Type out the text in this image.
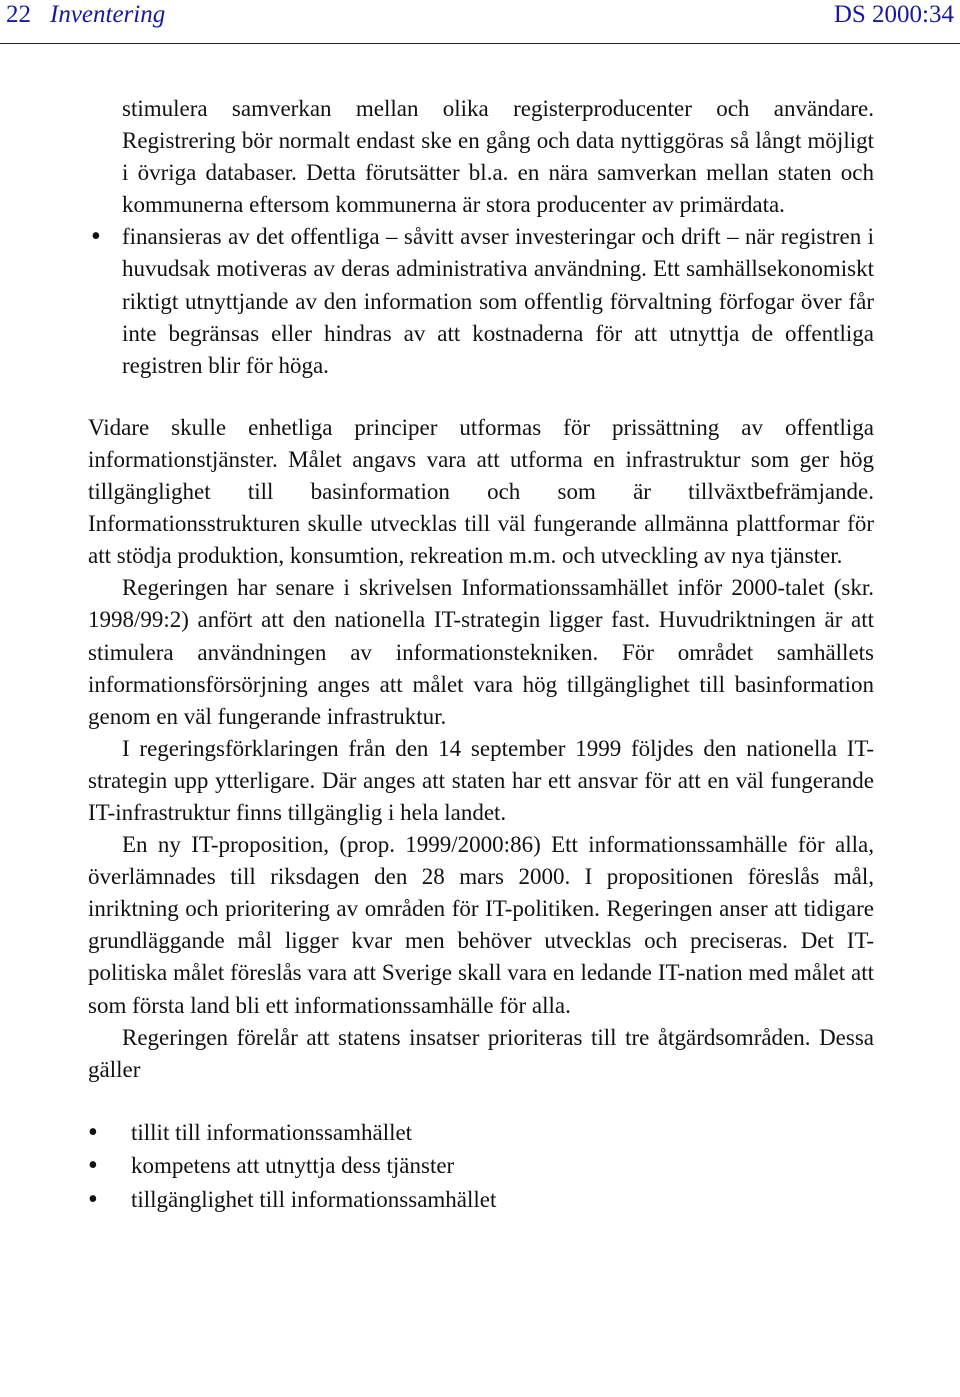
22 Inventering	DS 2000:34

stimulera samverkan mellan olika registerproducenter och användare. Registrering bör normalt endast ske en gång och data nyttiggöras så långt möjligt i övriga databaser. Detta förutsätter bl.a. en nära samverkan mellan staten och kommunerna eftersom kommunerna är stora producenter av primärdata.

•

finansieras av det offentliga – såvitt avser investeringar och drift – när registren i huvudsak motiveras av deras administrativa användning. Ett samhällsekonomiskt riktigt utnyttjande av den information som offentlig förvaltning förfogar över får inte begränsas eller hindras av att kostnaderna för att utnyttja de offentliga registren blir för höga.

Vidare skulle enhetliga principer utformas för prissättning av offentliga informationstjänster. Målet angavs vara att utforma en infrastruktur som ger hög tillgänglighet till basinformation och som är tillväxtbefrämjande. Informationsstrukturen skulle utvecklas till väl fungerande allmänna plattformar för att stödja produktion, konsumtion, rekreation m.m. och utveckling av nya tjänster.

Regeringen har senare i skrivelsen Informationssamhället inför 2000-talet (skr. 1998/99:2) anfört att den nationella IT-strategin ligger fast. Huvudriktningen är att stimulera användningen av informationstekniken. För området samhällets informationsförsörjning anges att målet vara hög tillgänglighet till basinformation genom en väl fungerande infrastruktur.

I regeringsförklaringen från den 14 september 1999 följdes den nationella IT-strategin upp ytterligare. Där anges att staten har ett ansvar för att en väl fungerande IT-infrastruktur finns tillgänglig i hela landet.

En ny IT-proposition, (prop. 1999/2000:86) Ett informationssamhälle för alla, överlämnades till riksdagen den 28 mars 2000. I propositionen föreslås mål, inriktning och prioritering av områden för IT-politiken. Regeringen anser att tidigare grundläggande mål ligger kvar men behöver utvecklas och preciseras. Det IT-politiska målet föreslås vara att Sverige skall vara en ledande IT-nation med målet att som första land bli ett informationssamhälle för alla.

Regeringen förelår att statens insatser prioriteras till tre åtgärdsområden. Dessa gäller

•
tillit till informationssamhället
•
kompetens att utnyttja dess tjänster
•
tillgänglighet till informationssamhället
